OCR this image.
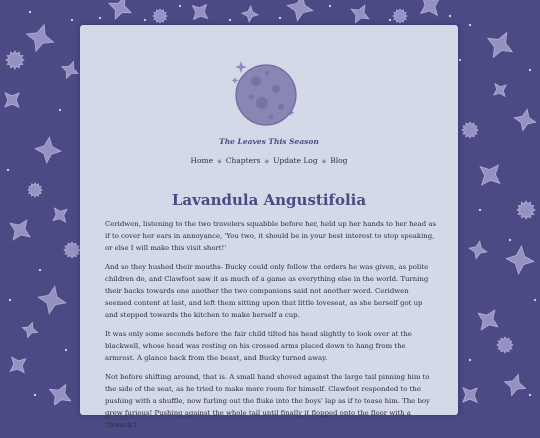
The Leaves This Season
Home ◆ Chapters ◆ Update Log ◆ Blog
Lavandula Angustifolia

Ceridwen, listening to the two travelers squabble before her, held up her hands to her head as if to cover her ears in annoyance, 'You two, it should be in your best interest to stop speaking, or else I will make this visit short!'

And so they hushed their mouths- Bucky could only follow the orders he was given, as polite children do, and Clawfoot saw it as much of a game as everything else in the world. Turning their backs towards one another the two companions said not another word. Ceridwen seemed content at last, and left them sitting upon that little loveseat, as she herself got up and stepped towards the kitchen to make herself a cup.

It was only some seconds before the fair child tilted his head slightly to look over at the blackwell, whose head was resting on his crossed arms placed down to hang from the armrest. A glance back from the beast, and Bucky turned away.

Not before shifting around, that is. A small hand shoved against the large tail pinning him to the side of the seat, as he tried to make more room for himself. Clawfoot responded to the pushing with a shuffle, now furling out the fluke into the boys' lap as if to tease him. The boy grew furious! Pushing against the whole tail until finally it flopped onto the floor with a 'thwack'!
